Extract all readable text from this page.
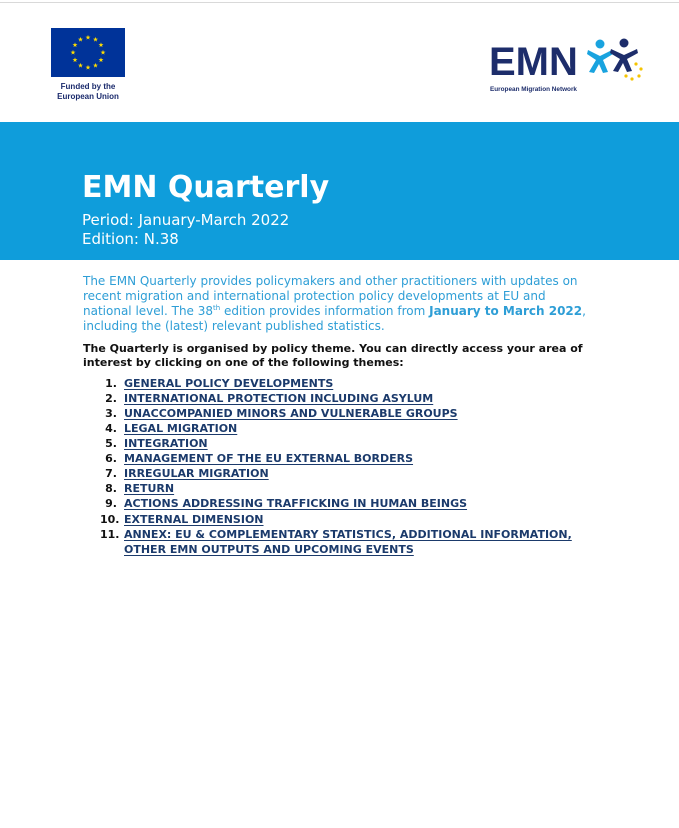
Funded by the
European Union
EMN
European Migration Network
EMN Quarterly
Period: January-March 2022
Edition: N.38
The EMN Quarterly provides policymakers and other practitioners with updates on
recent migration and international protection policy developments at EU and
national level. The 38th edition provides information from January to March 2022,
including the (latest) relevant published statistics.
The Quarterly is organised by policy theme. You can directly access your area of
interest by clicking on one of the following themes:
1. GENERAL POLICY DEVELOPMENTS
2. INTERNATIONAL PROTECTION INCLUDING ASYLUM
3. UNACCOMPANIED MINORS AND VULNERABLE GROUPS
4. LEGAL MIGRATION
5. INTEGRATION
6. MANAGEMENT OF THE EU EXTERNAL BORDERS
7. IRREGULAR MIGRATION
8. RETURN
9. ACTIONS ADDRESSING TRAFFICKING IN HUMAN BEINGS
10. EXTERNAL DIMENSION
11. ANNEX: EU & COMPLEMENTARY STATISTICS, ADDITIONAL INFORMATION,
OTHER EMN OUTPUTS AND UPCOMING EVENTS
